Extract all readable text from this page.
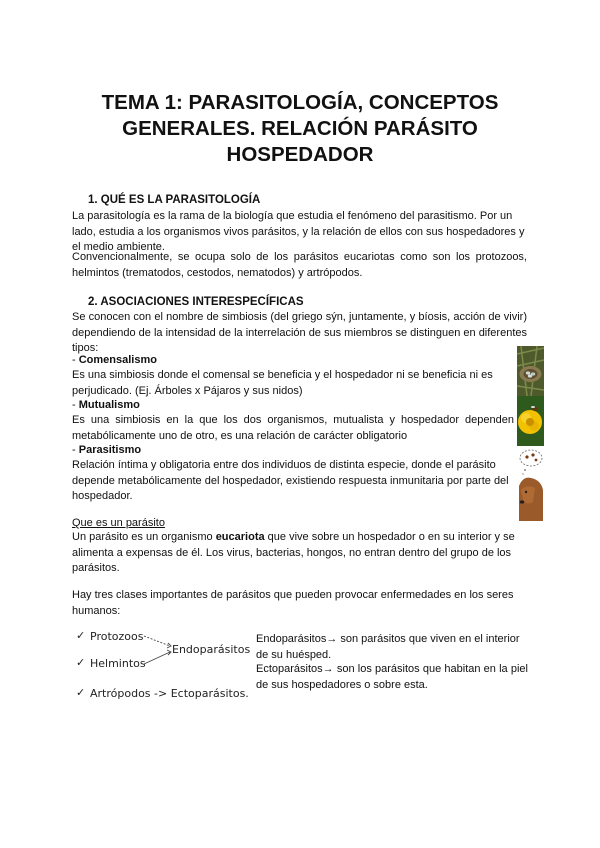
TEMA 1: PARASITOLOGÍA, CONCEPTOS
GENERALES. RELACIÓN PARÁSITO
HOSPEDADOR
1. QUÉ ES LA PARASITOLOGÍA
La parasitología es la rama de la biología que estudia el fenómeno del parasitismo. Por un lado, estudia a los organismos vivos parásitos, y la relación de ellos con sus hospedadores y el medio ambiente.
Convencionalmente, se ocupa solo de los parásitos eucariotas como son los protozoos, helmintos (trematodos, cestodos, nematodos) y artrópodos.
2. ASOCIACIONES INTERESPECÍFICAS
Se conocen con el nombre de simbiosis (del griego sýn, juntamente, y bíosis, acción de vivir) dependiendo de la intensidad de la interrelación de sus miembros se distinguen en diferentes tipos:
- Comensalismo
Es una simbiosis donde el comensal se beneficia y el hospedador ni se beneficia ni es perjudicado. (Ej. Árboles x Pájaros y sus nidos)
- Mutualismo
Es una simbiosis en la que los dos organismos, mutualista y hospedador dependen metabólicamente uno de otro, es una relación de carácter obligatorio
- Parasitismo
Relación íntima y obligatoria entre dos individuos de distinta especie, donde el parásito depende metabólicamente del hospedador, existiendo respuesta inmunitaria por parte del hospedador.
Que es un parásito
Un parásito es un organismo eucariota que vive sobre un hospedador o en su interior y se alimenta a expensas de él. Los virus, bacterias, hongos, no entran dentro del grupo de los parásitos.
Hay tres clases importantes de parásitos que pueden provocar enfermedades en los seres humanos:
✓ Protozoos
✓ Helmintos
✓ Artrópodos -> Ectoparásitos.
Endoparásitos
Endoparásitos→ son parásitos que viven en el interior de su huésped.
Ectoparásitos→ son los parásitos que habitan en la piel de sus hospedadores o sobre esta.
